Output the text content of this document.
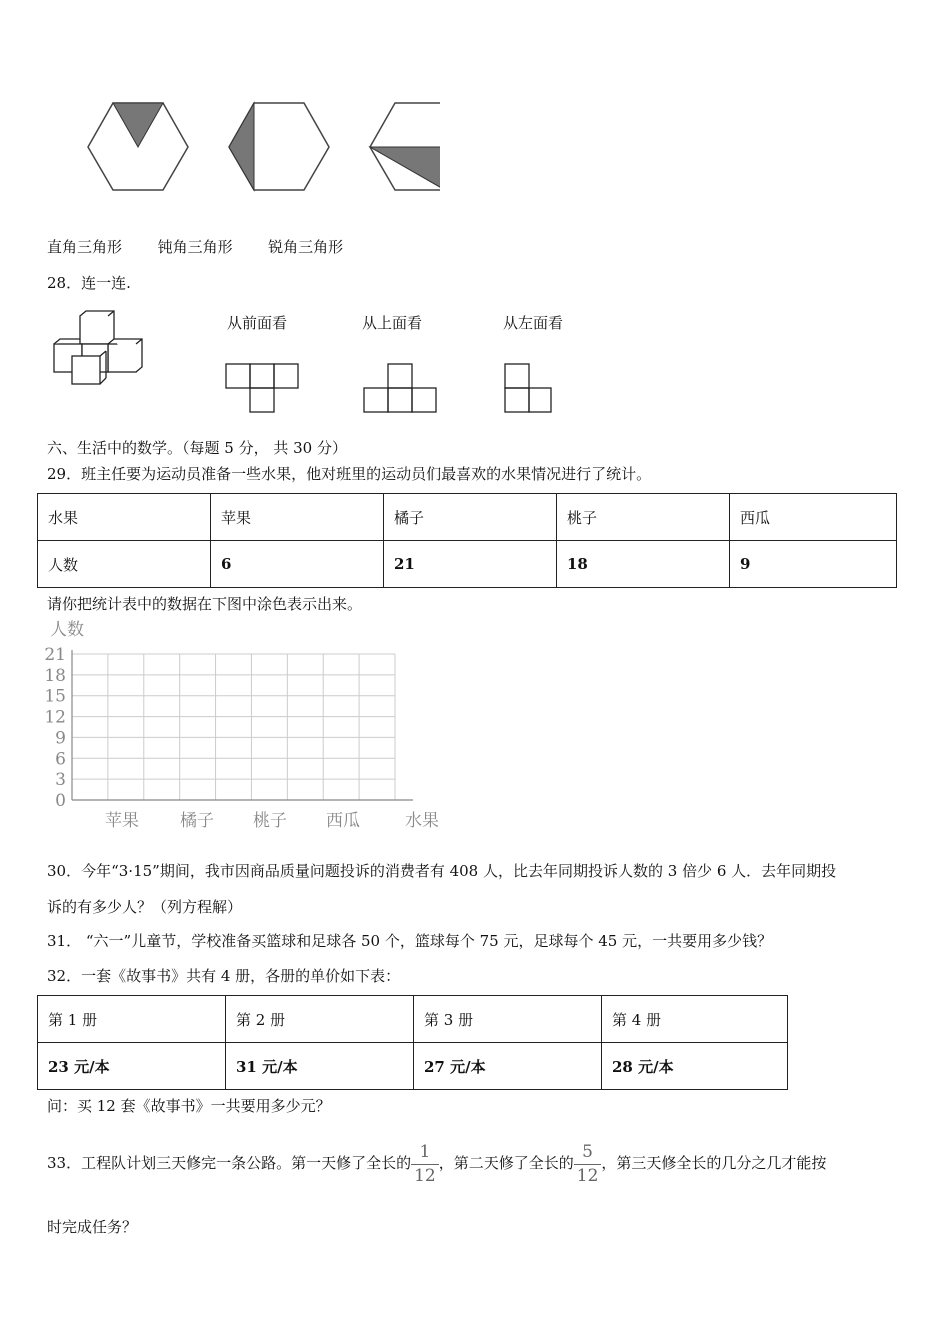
直角三角形 钝角三角形 锐角三角形
28．连一连.
从前面看	从上面看	从左面看
六、生活中的数学。（每题 5 分， 共 30 分）
29．班主任要为运动员准备一些水果，他对班里的运动员们最喜欢的水果情况进行了统计。
水果	苹果	橘子	桃子	西瓜
人数	6	21	18	9
请你把统计表中的数据在下图中涂色表示出来。
0
3
6
9
12
15
18
21
人数
苹果 橘子 桃子 西瓜	水果
30．今年“3·15”期间，我市因商品质量问题投诉的消费者有 408 人，比去年同期投诉人数的 3 倍少 6 人．去年同期投
诉的有多少人？（列方程解）
31． “六一”儿童节，学校准备买篮球和足球各 50 个，篮球每个 75 元，足球每个 45 元，一共要用多少钱？
32．一套《故事书》共有 4 册，各册的单价如下表：
第 1 册	第 2 册	第 3 册	第 4 册
23 元/本	31 元/本	27 元/本	28 元/本
问：买 12 套《故事书》一共要用多少元？
33．工程队计划三天修完一条公路。第一天修了全长的 $\frac{1}{12}$ ，第二天修了全长的 $\frac{5}{12}$ ，第三天修全长的几分之几才能按
时完成任务？
